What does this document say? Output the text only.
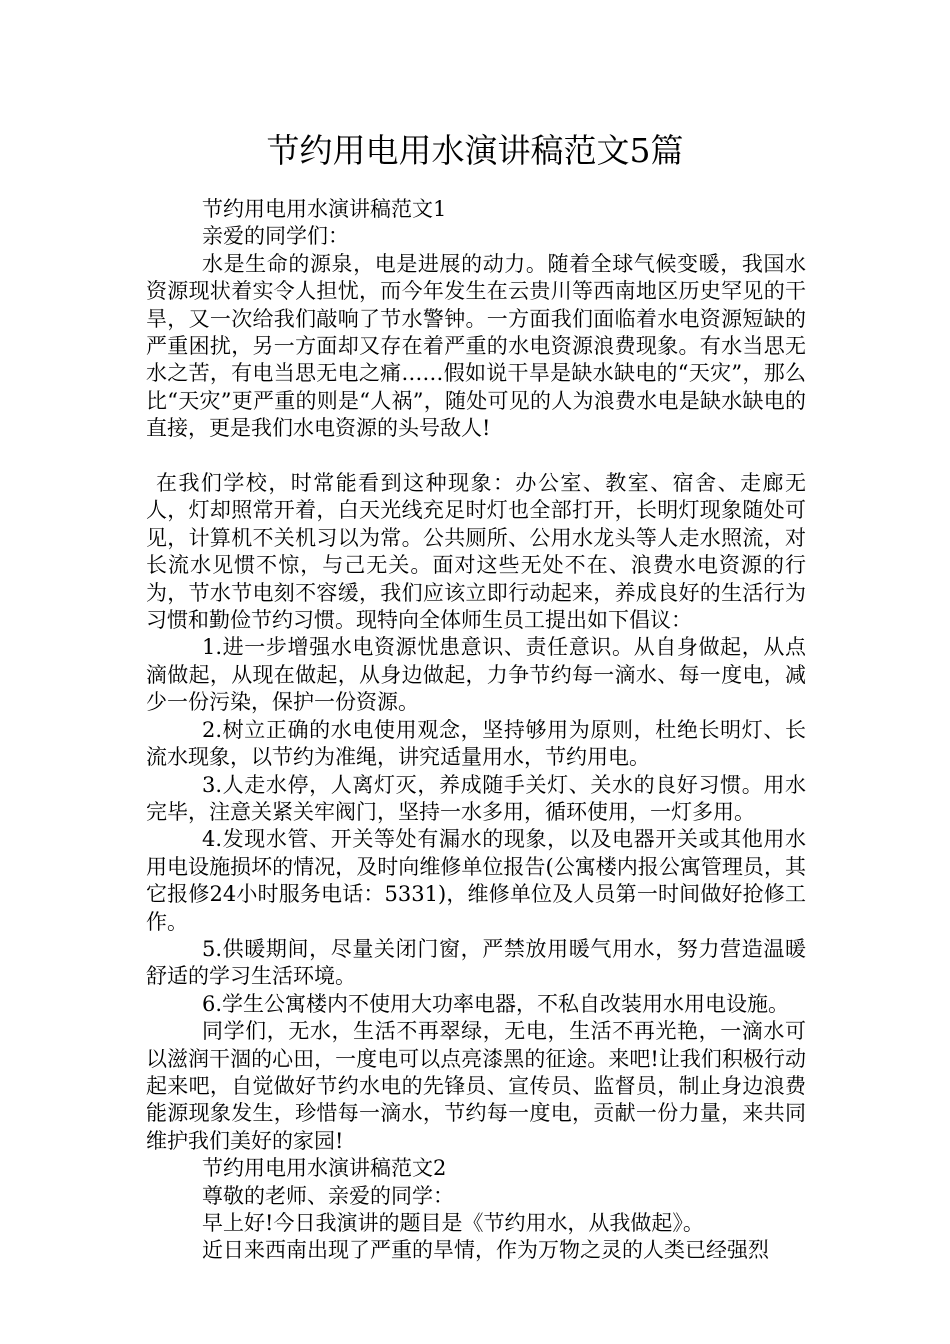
节约用电用水演讲稿范文5篇

节约用电用水演讲稿范文1

亲爱的同学们：

水是生命的源泉，电是进展的动力。随着全球气候变暖，我国水资源现状着实令人担忧，而今年发生在云贵川等西南地区历史罕见的干旱，又一次给我们敲响了节水警钟。一方面我们面临着水电资源短缺的严重困扰，另一方面却又存在着严重的水电资源浪费现象。有水当思无水之苦，有电当思无电之痛……假如说干旱是缺水缺电的“天灾”，那么比“天灾”更严重的则是“人祸”，随处可见的人为浪费水电是缺水缺电的直接，更是我们水电资源的头号敌人!

在我们学校，时常能看到这种现象：办公室、教室、宿舍、走廊无人，灯却照常开着，白天光线充足时灯也全部打开，长明灯现象随处可见，计算机不关机习以为常。公共厕所、公用水龙头等人走水照流，对长流水见惯不惊，与己无关。面对这些无处不在、浪费水电资源的行为，节水节电刻不容缓，我们应该立即行动起来，养成良好的生活行为习惯和勤俭节约习惯。现特向全体师生员工提出如下倡议：

1.进一步增强水电资源忧患意识、责任意识。从自身做起，从点滴做起，从现在做起，从身边做起，力争节约每一滴水、每一度电，减少一份污染，保护一份资源。

2.树立正确的水电使用观念，坚持够用为原则，杜绝长明灯、长流水现象，以节约为准绳，讲究适量用水，节约用电。

3.人走水停，人离灯灭，养成随手关灯、关水的良好习惯。用水完毕，注意关紧关牢阀门，坚持一水多用，循环使用，一灯多用。

4.发现水管、开关等处有漏水的现象，以及电器开关或其他用水用电设施损坏的情况，及时向维修单位报告(公寓楼内报公寓管理员，其它报修24小时服务电话：5331)，维修单位及人员第一时间做好抢修工作。

5.供暖期间，尽量关闭门窗，严禁放用暖气用水，努力营造温暖舒适的学习生活环境。

6.学生公寓楼内不使用大功率电器，不私自改装用水用电设施。

同学们，无水，生活不再翠绿，无电，生活不再光艳，一滴水可以滋润干涸的心田，一度电可以点亮漆黑的征途。来吧!让我们积极行动起来吧，自觉做好节约水电的先锋员、宣传员、监督员，制止身边浪费能源现象发生，珍惜每一滴水，节约每一度电，贡献一份力量，来共同维护我们美好的家园!

节约用电用水演讲稿范文2

尊敬的老师、亲爱的同学：

早上好!今日我演讲的题目是《节约用水，从我做起》。

近日来西南出现了严重的旱情，作为万物之灵的人类已经强烈
